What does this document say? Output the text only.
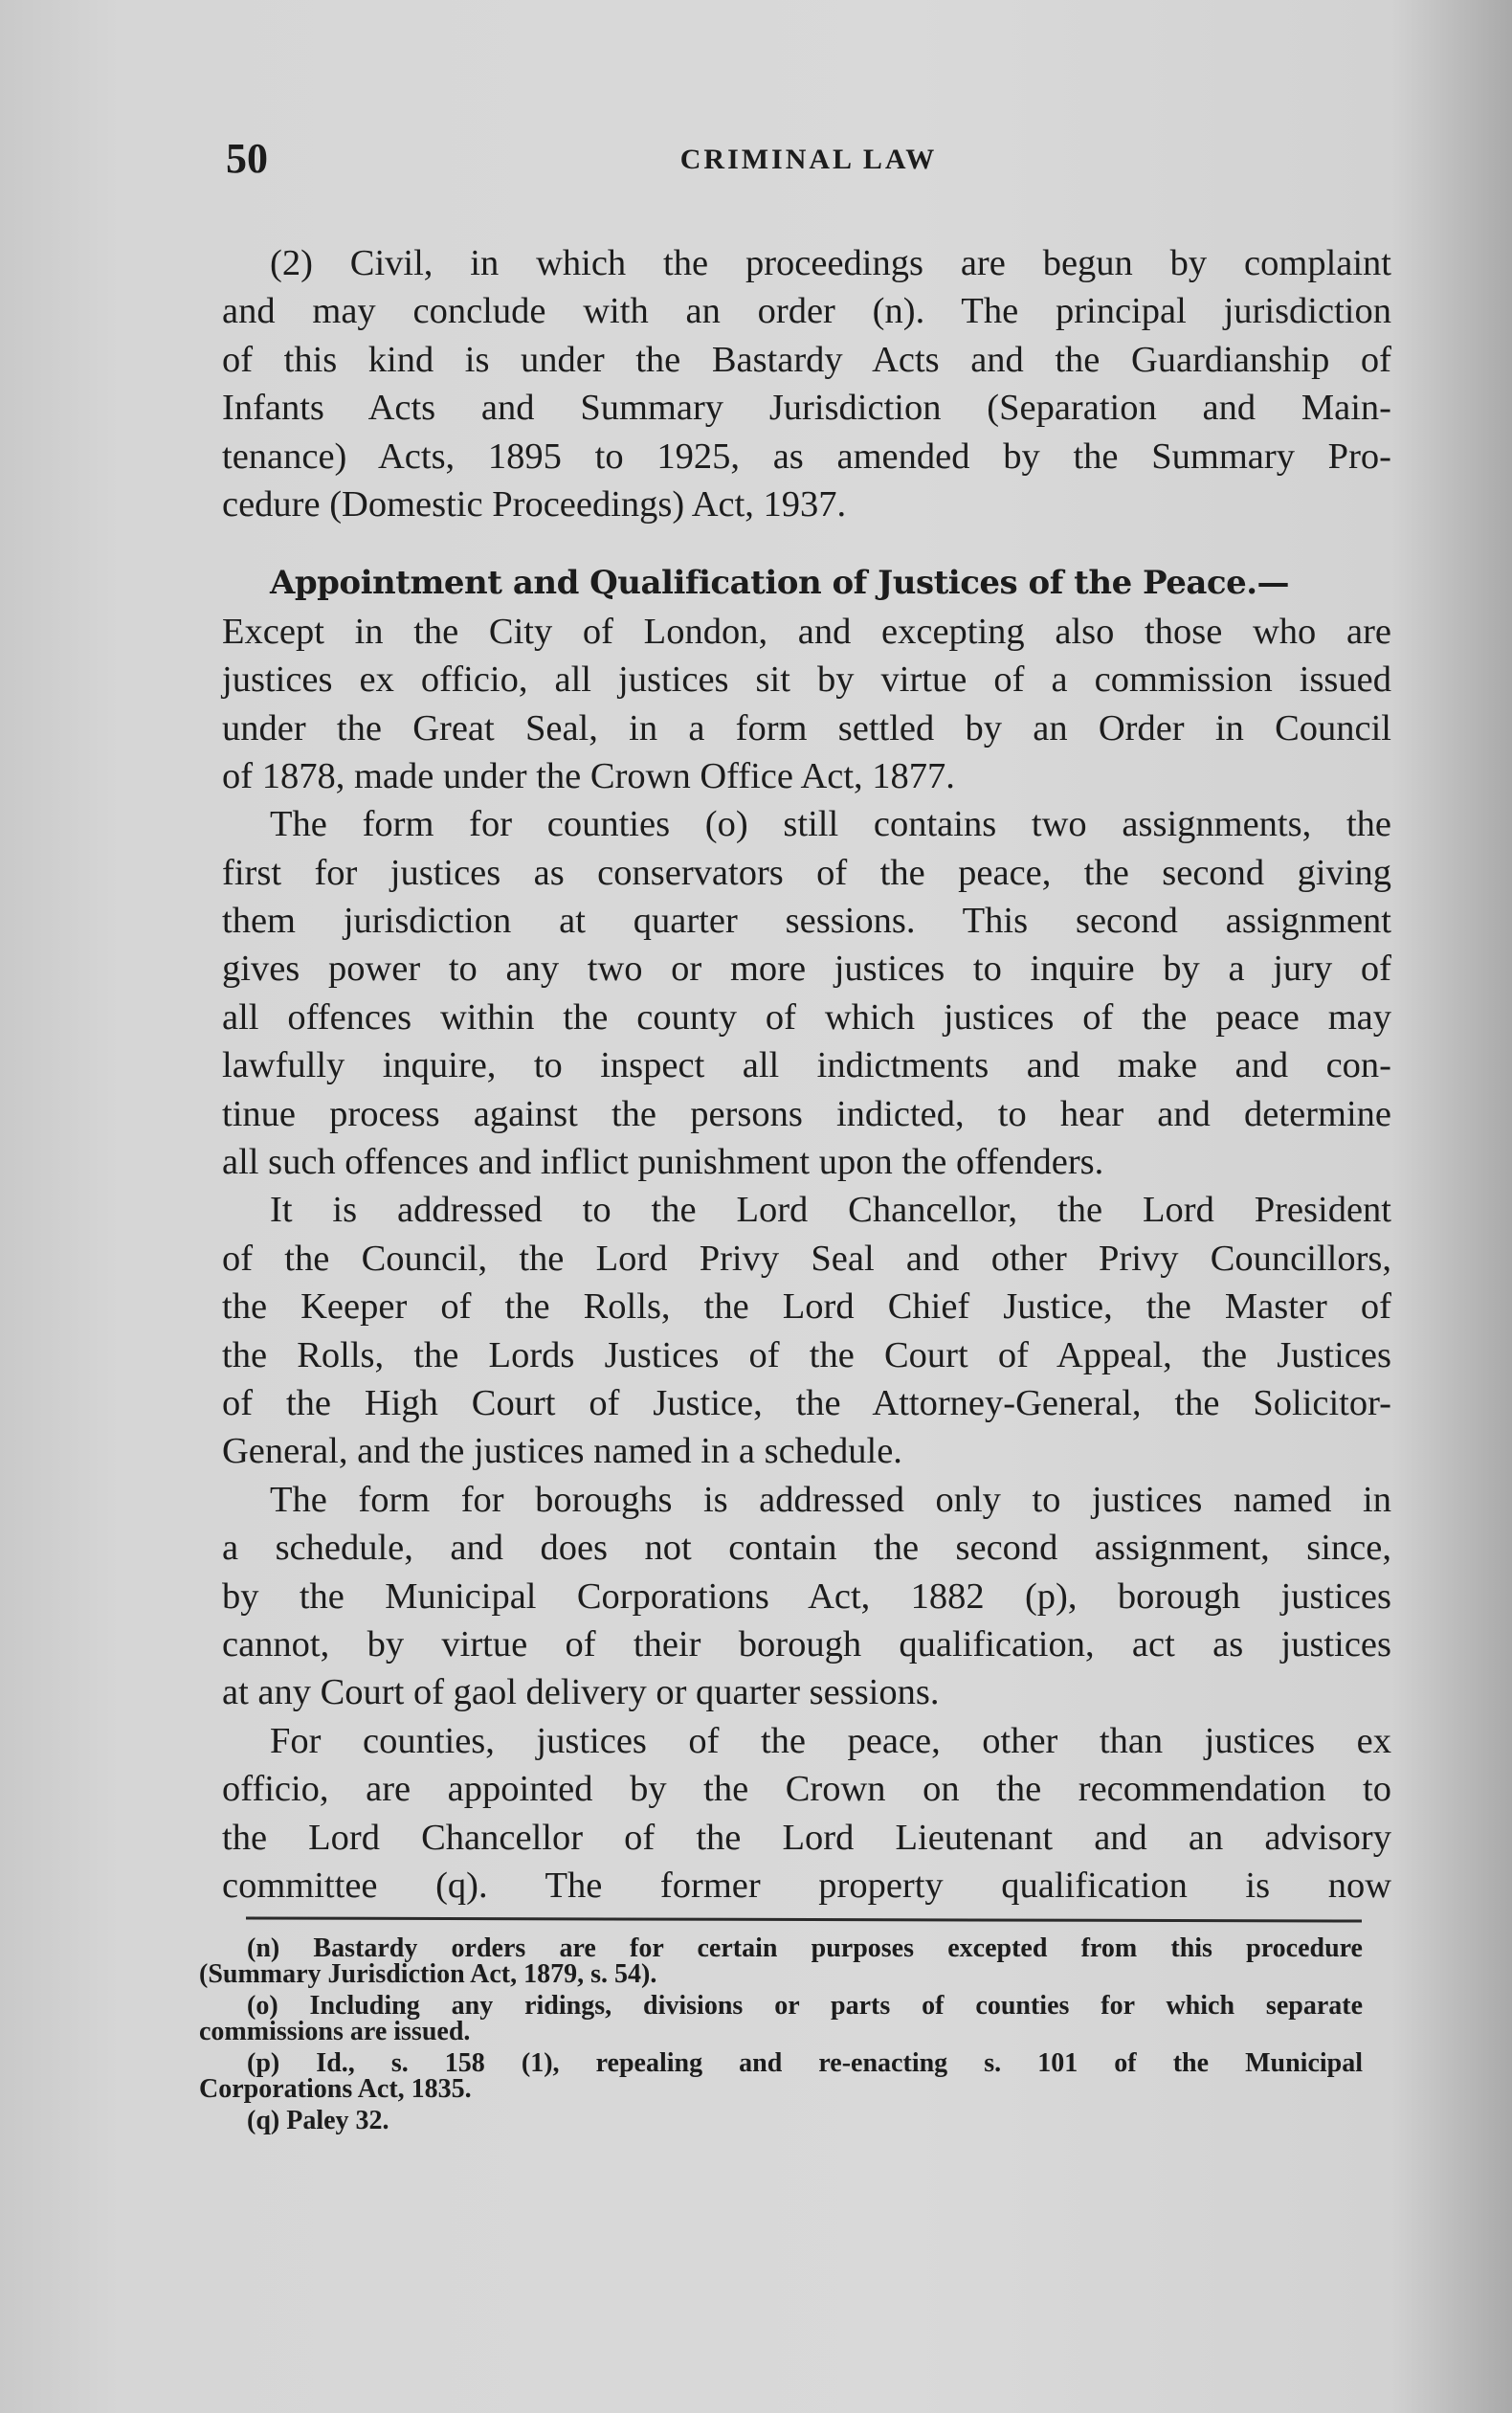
50	CRIMINAL LAW
(2) Civil, in which the proceedings are begun by complaint
and may conclude with an order (n). The principal jurisdiction
of this kind is under the Bastardy Acts and the Guardianship of
Infants Acts and Summary Jurisdiction (Separation and Main-
tenance) Acts, 1895 to 1925, as amended by the Summary Pro-
cedure (Domestic Proceedings) Act, 1937.
Appointment and Qualification of Justices of the Peace.—
Except in the City of London, and excepting also those who are
justices ex officio, all justices sit by virtue of a commission issued
under the Great Seal, in a form settled by an Order in Council
of 1878, made under the Crown Office Act, 1877.
The form for counties (o) still contains two assignments, the
first for justices as conservators of the peace, the second giving
them jurisdiction at quarter sessions. This second assignment
gives power to any two or more justices to inquire by a jury of
all offences within the county of which justices of the peace may
lawfully inquire, to inspect all indictments and make and con-
tinue process against the persons indicted, to hear and determine
all such offences and inflict punishment upon the offenders.
It is addressed to the Lord Chancellor, the Lord President
of the Council, the Lord Privy Seal and other Privy Councillors,
the Keeper of the Rolls, the Lord Chief Justice, the Master of
the Rolls, the Lords Justices of the Court of Appeal, the Justices
of the High Court of Justice, the Attorney-General, the Solicitor-
General, and the justices named in a schedule.
The form for boroughs is addressed only to justices named in
a schedule, and does not contain the second assignment, since,
by the Municipal Corporations Act, 1882 (p), borough justices
cannot, by virtue of their borough qualification, act as justices
at any Court of gaol delivery or quarter sessions.
For counties, justices of the peace, other than justices ex
officio, are appointed by the Crown on the recommendation to
the Lord Chancellor of the Lord Lieutenant and an advisory
committee (q). The former property qualification is now
(n) Bastardy orders are for certain purposes excepted from this procedure
(Summary Jurisdiction Act, 1879, s. 54).
(o) Including any ridings, divisions or parts of counties for which separate
commissions are issued.
(p) Id., s. 158 (1), repealing and re-enacting s. 101 of the Municipal
Corporations Act, 1835.
(q) Paley 32.
